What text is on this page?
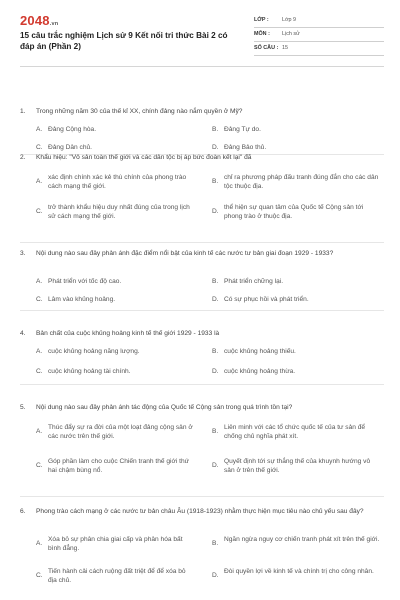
2048.vn
15 câu trắc nghiệm Lịch sử 9 Kết nối tri thức Bài 2 có đáp án (Phần 2)
LỚP :	Lớp 9
MÔN :	Lịch sử
SỐ CÂU : 15
1.	Trong những năm 30 của thế kỉ XX, chính đảng nào nắm quyền ở Mỹ?
A. Đảng Cộng hòa.	B. Đảng Tự do.
C. Đảng Dân chủ.	D. Đảng Bảo thủ.
2.	Khẩu hiệu: "Vô sản toàn thế giới và các dân tộc bị áp bức đoàn kết lại" đã
A.
xác định chính xác kẻ thù chính của phong trào cách mạng thế giới.
B.
chỉ ra phương pháp đấu tranh đúng đắn cho các dân tộc thuộc địa.
C.
trở thành khẩu hiệu duy nhất đúng của trong lịch sử cách mạng thế giới.
D.
thể hiện sự quan tâm của Quốc tế Cộng sản tới phong trào ở thuộc địa.
3.	Nội dung nào sau đây phản ánh đặc điểm nổi bật của kinh tế các nước tư bản giai đoạn 1929 - 1933?
A. Phát triển với tốc độ cao.	B. Phát triển chững lại.
C. Lâm vào khủng hoảng.	D. Có sự phục hồi và phát triển.
4.	Bản chất của cuộc khủng hoảng kinh tế thế giới 1929 - 1933 là
A. cuộc khủng hoảng năng lượng.	B. cuộc khủng hoảng thiếu.
C. cuộc khủng hoảng tài chính.	D. cuộc khủng hoảng thừa.
5.	Nội dung nào sau đây phản ánh tác động của Quốc tế Cộng sản trong quá trình tồn tại?
A.
Thúc đẩy sự ra đời của một loạt đảng cộng sản ở các nước trên thế giới.
B.
Liên minh với các tổ chức quốc tế của tư sản để chống chủ nghĩa phát xít.
C.
Góp phần làm cho cuộc Chiến tranh thế giới thứ hai chậm bùng nổ.
D.
Quyết định tới sự thắng thế của khuynh hướng vô sản ở trên thế giới.
6.	Phong trào cách mạng ở các nước tư bản châu Âu (1918-1923) nhằm thực hiện mục tiêu nào chủ yếu sau đây?
A.
Xóa bỏ sự phân chia giai cấp và phân hóa bất bình đẳng.
B.
Ngăn ngừa nguy cơ chiến tranh phát xít trên thế giới.
C.
Tiến hành cải cách ruộng đất triệt để để xóa bỏ địa chủ.
D.
Đòi quyền lợi về kinh tế và chính trị cho công nhân.
